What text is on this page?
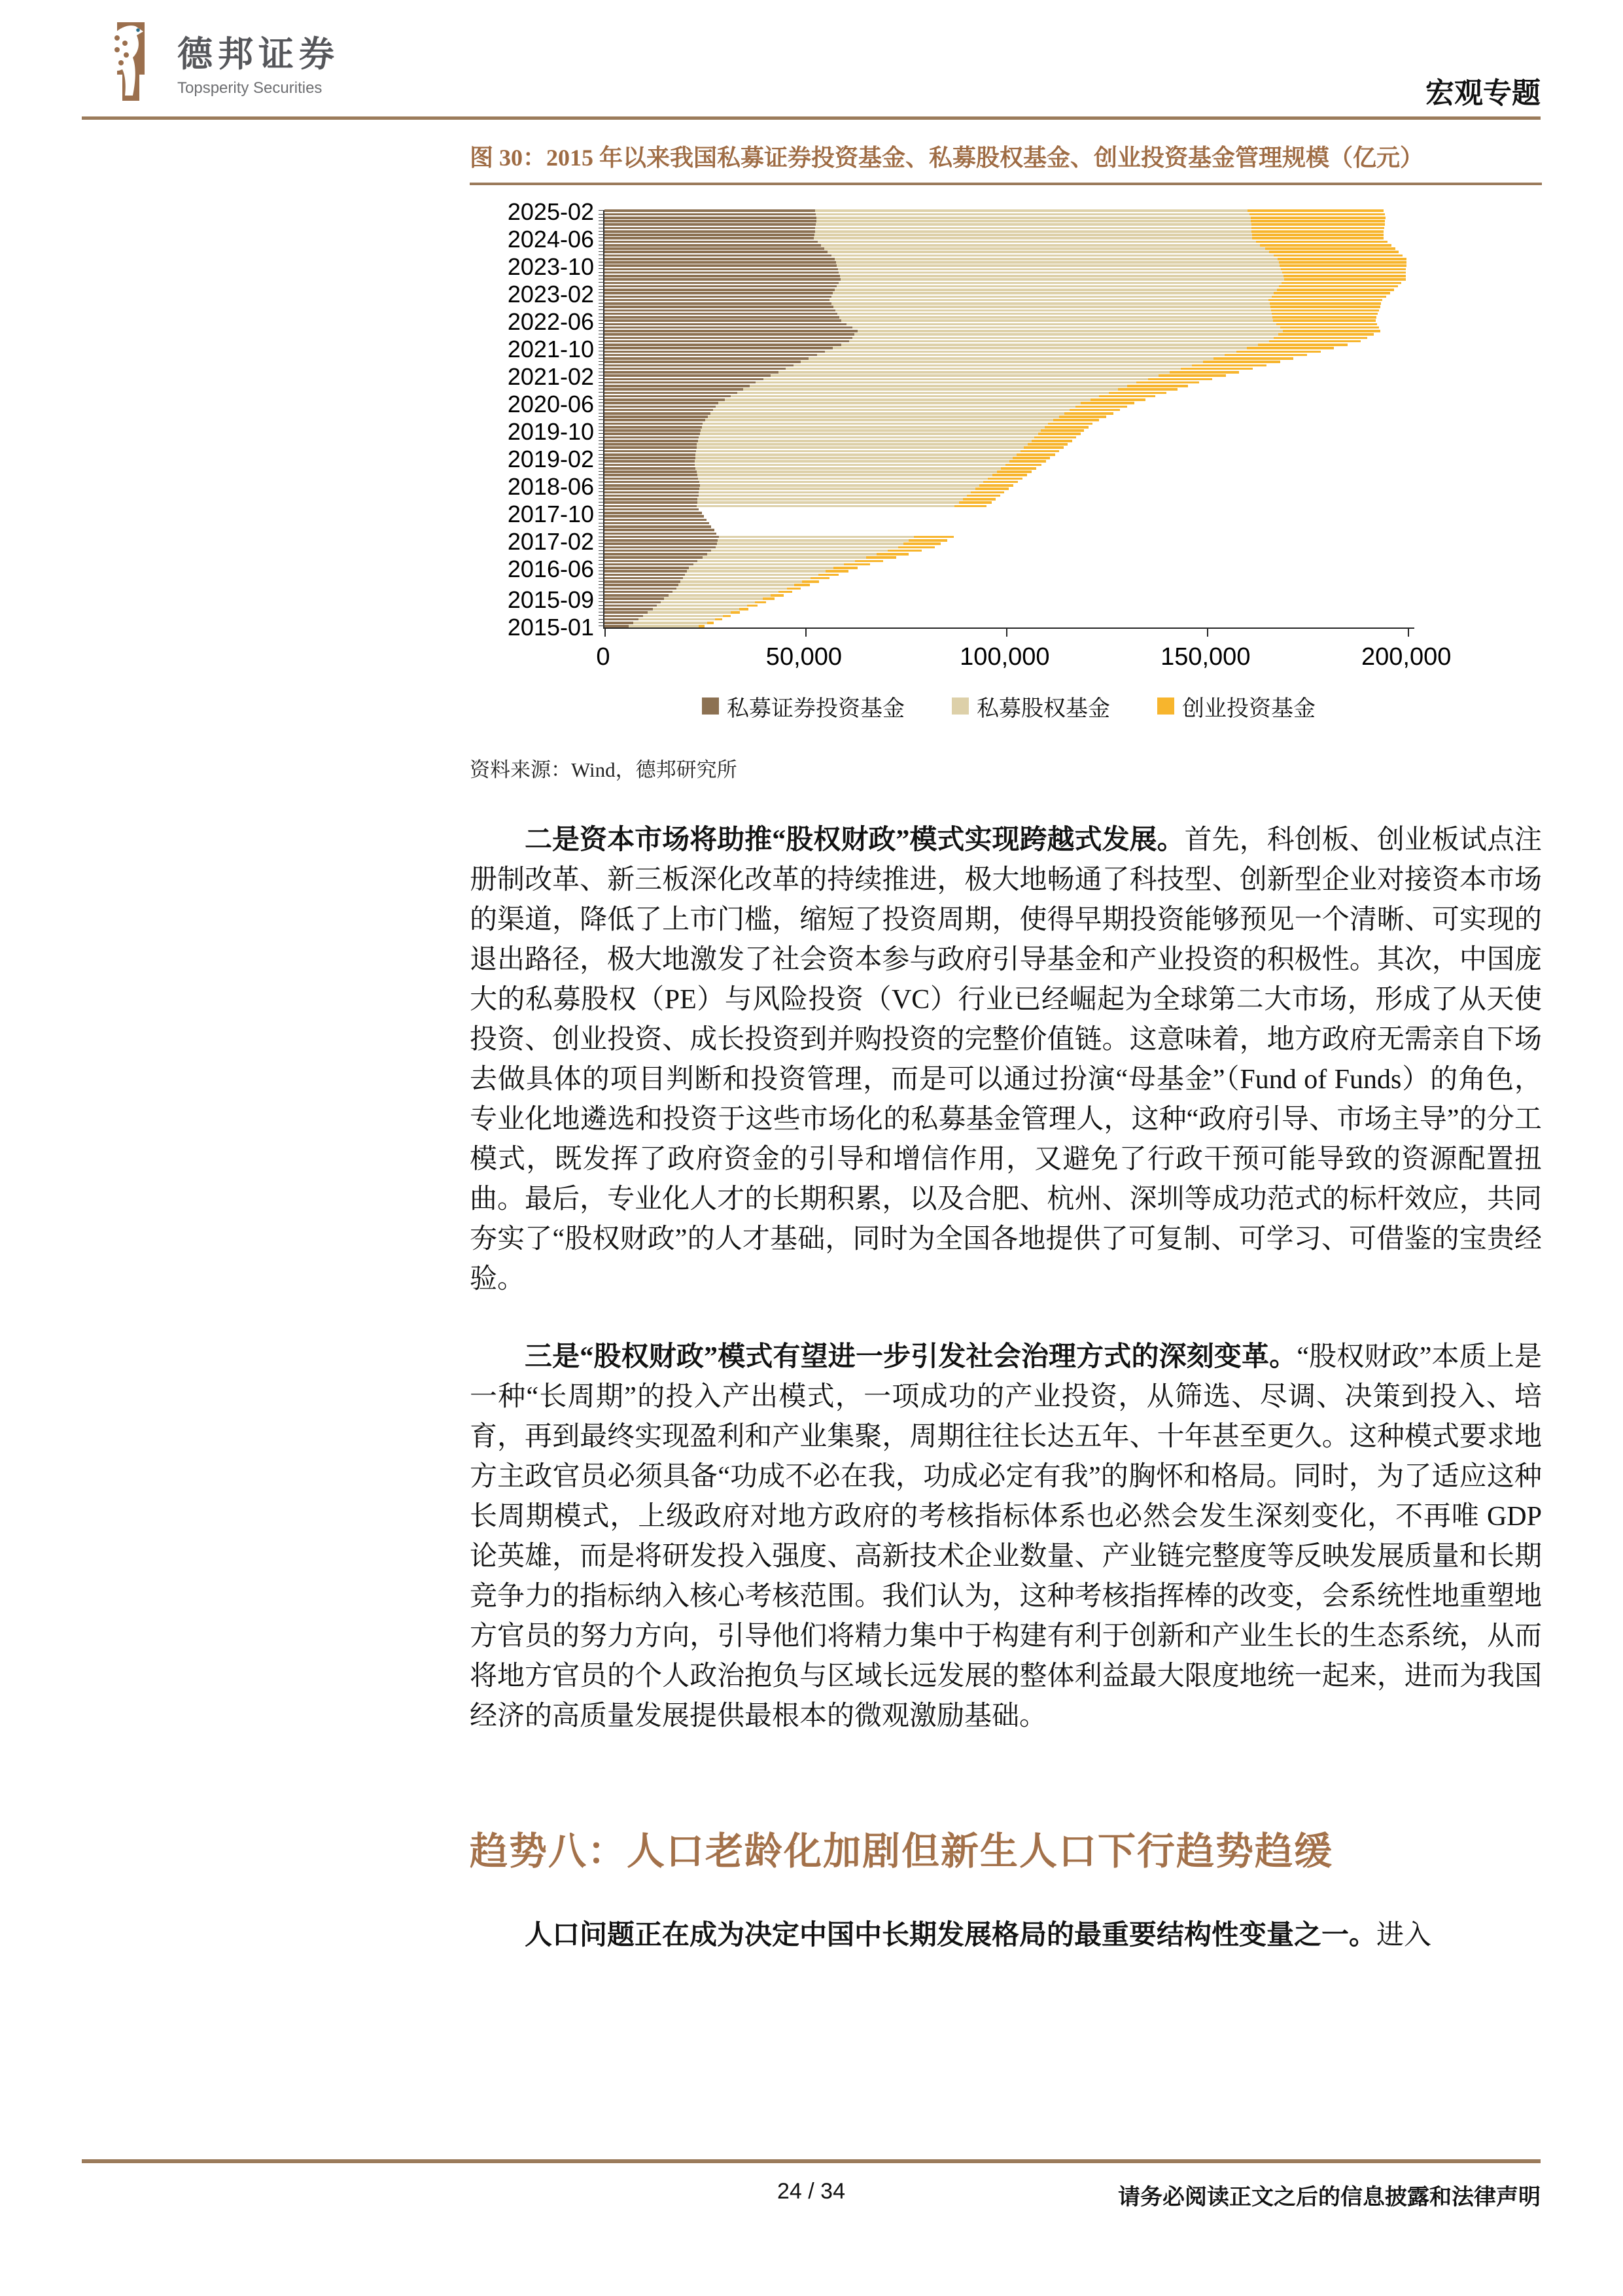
德邦证券
Topsperity Securities	宏观专题
图 30：2015 年以来我国私募证券投资基金、私募股权基金、创业投资基金管理规模（亿元）
2025-02
2024-06
2023-10
2023-02
2022-06
2021-10
2021-02
2020-06
2019-10
2019-02
2018-06
2017-10
2017-02
2016-06
2015-09
2015-01
0	50,000	100,000	150,000	200,000
私募证券投资基金	私募股权基金	创业投资基金
资料来源：Wind，德邦研究所

二是资本市场将助推“股权财政”模式实现跨越式发展。首先，科创板、创业板试点注册制改革、新三板深化改革的持续推进，极大地畅通了科技型、创新型企业对接资本市场的渠道，降低了上市门槛，缩短了投资周期，使得早期投资能够预见一个清晰、可实现的退出路径，极大地激发了社会资本参与政府引导基金和产业投资的积极性。其次，中国庞大的私募股权（PE）与风险投资（VC）行业已经崛起为全球第二大市场，形成了从天使投资、创业投资、成长投资到并购投资的完整价值链。这意味着，地方政府无需亲自下场去做具体的项目判断和投资管理，而是可以通过扮演“母基金”（Fund of Funds）的角色，专业化地遴选和投资于这些市场化的私募基金管理人，这种“政府引导、市场主导”的分工模式，既发挥了政府资金的引导和增信作用，又避免了行政干预可能导致的资源配置扭曲。最后，专业化人才的长期积累，以及合肥、杭州、深圳等成功范式的标杆效应，共同夯实了“股权财政”的人才基础，同时为全国各地提供了可复制、可学习、可借鉴的宝贵经验。

三是“股权财政”模式有望进一步引发社会治理方式的深刻变革。“股权财政”本质上是一种“长周期”的投入产出模式，一项成功的产业投资，从筛选、尽调、决策到投入、培育，再到最终实现盈利和产业集聚，周期往往长达五年、十年甚至更久。这种模式要求地方主政官员必须具备“功成不必在我，功成必定有我”的胸怀和格局。同时，为了适应这种长周期模式，上级政府对地方政府的考核指标体系也必然会发生深刻变化，不再唯 GDP 论英雄，而是将研发投入强度、高新技术企业数量、产业链完整度等反映发展质量和长期竞争力的指标纳入核心考核范围。我们认为，这种考核指挥棒的改变，会系统性地重塑地方官员的努力方向，引导他们将精力集中于构建有利于创新和产业生长的生态系统，从而将地方官员的个人政治抱负与区域长远发展的整体利益最大限度地统一起来，进而为我国经济的高质量发展提供最根本的微观激励基础。

趋势八：人口老龄化加剧但新生人口下行趋势趋缓

人口问题正在成为决定中国中长期发展格局的最重要结构性变量之一。进入

24 / 34	请务必阅读正文之后的信息披露和法律声明
